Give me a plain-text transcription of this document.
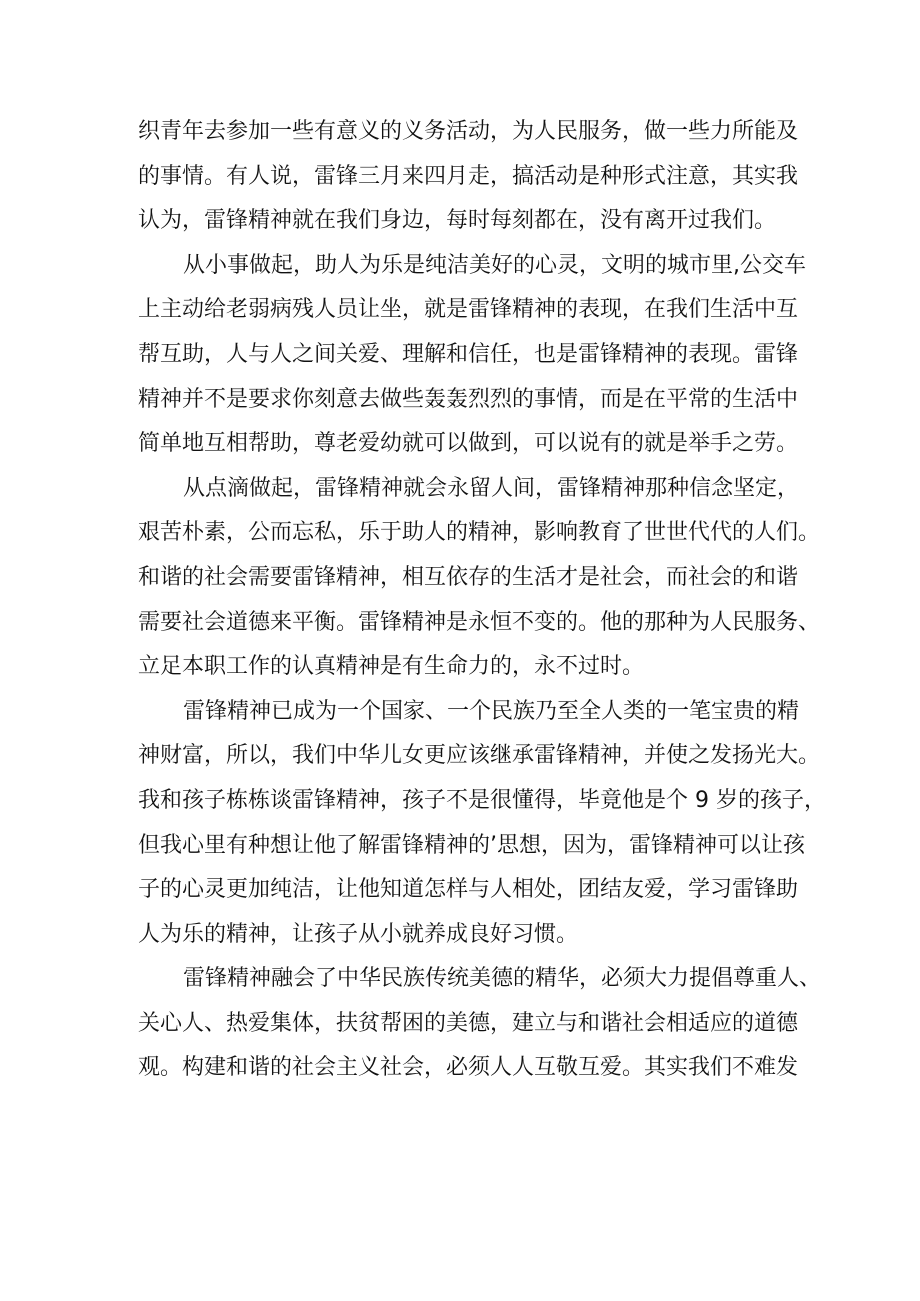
织青年去参加一些有意义的义务活动，为人民服务，做一些力所能及
的事情。有人说，雷锋三月来四月走，搞活动是种形式注意，其实我
认为，雷锋精神就在我们身边，每时每刻都在，没有离开过我们。
从小事做起，助人为乐是纯洁美好的心灵，文明的城市里,公交车
上主动给老弱病残人员让坐，就是雷锋精神的表现，在我们生活中互
帮互助，人与人之间关爱、理解和信任，也是雷锋精神的表现。雷锋
精神并不是要求你刻意去做些轰轰烈烈的事情，而是在平常的生活中
简单地互相帮助，尊老爱幼就可以做到，可以说有的就是举手之劳。
从点滴做起，雷锋精神就会永留人间，雷锋精神那种信念坚定，
艰苦朴素，公而忘私，乐于助人的精神，影响教育了世世代代的人们。
和谐的社会需要雷锋精神，相互依存的生活才是社会，而社会的和谐
需要社会道德来平衡。雷锋精神是永恒不变的。他的那种为人民服务、
立足本职工作的认真精神是有生命力的，永不过时。
雷锋精神已成为一个国家、一个民族乃至全人类的一笔宝贵的精
神财富，所以，我们中华儿女更应该继承雷锋精神，并使之发扬光大。
我和孩子栋栋谈雷锋精神，孩子不是很懂得，毕竟他是个 9 岁的孩子，
但我心里有种想让他了解雷锋精神的’思想，因为，雷锋精神可以让孩
子的心灵更加纯洁，让他知道怎样与人相处，团结友爱，学习雷锋助
人为乐的精神，让孩子从小就养成良好习惯。
雷锋精神融会了中华民族传统美德的精华，必须大力提倡尊重人、
关心人、热爱集体，扶贫帮困的美德，建立与和谐社会相适应的道德
观。构建和谐的社会主义社会，必须人人互敬互爱。其实我们不难发
